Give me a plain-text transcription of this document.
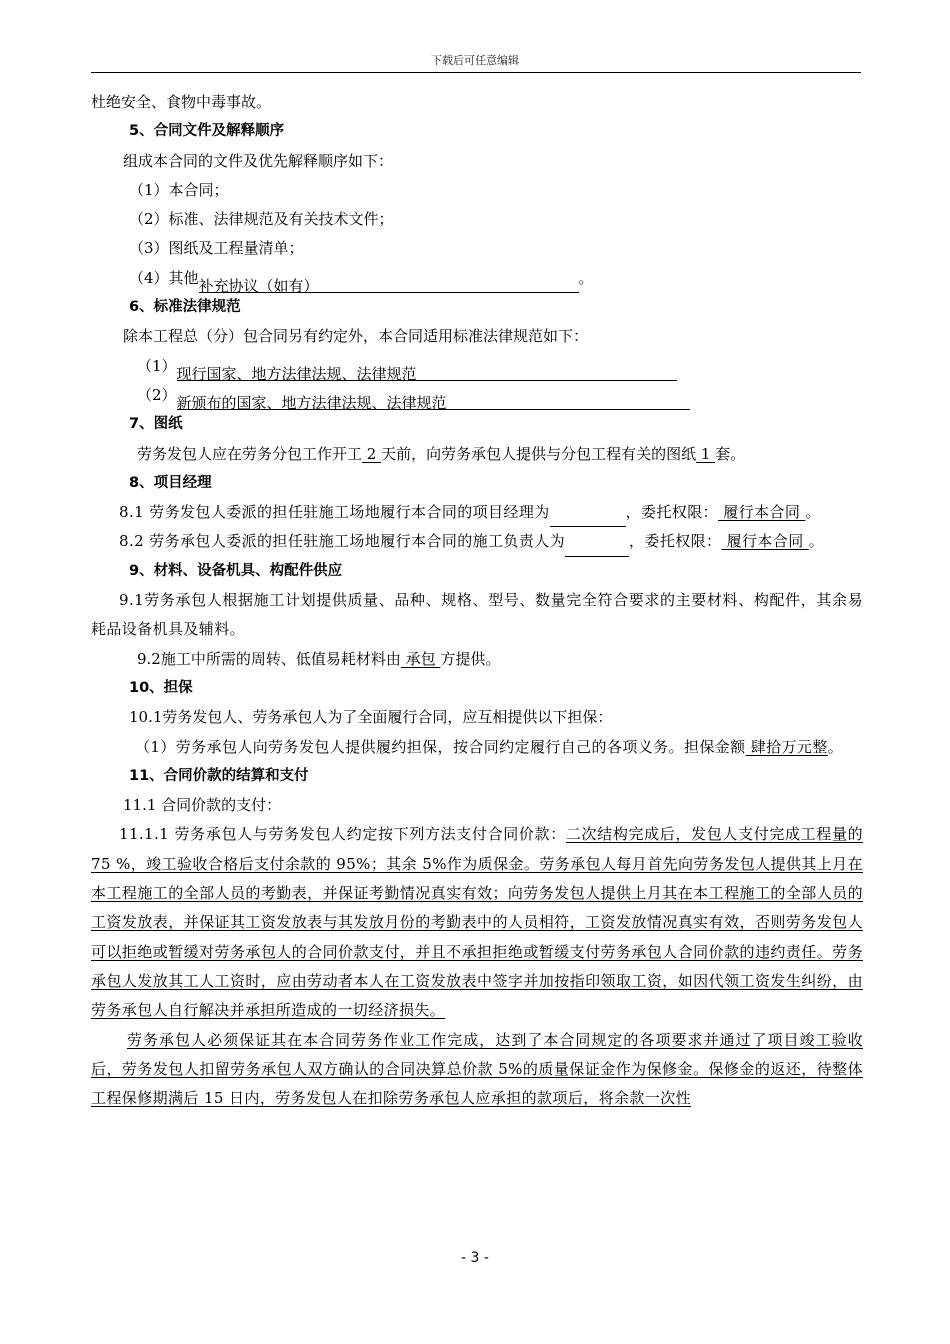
下载后可任意编辑

杜绝安全、食物中毒事故。

5、合同文件及解释顺序

组成本合同的文件及优先解释顺序如下：

（1）本合同；

（2）标准、法律规范及有关技术文件；

（3）图纸及工程量清单；

（4）其他补充协议（如有）	。

6、标准法律规范

除本工程总（分）包合同另有约定外，本合同适用标准法律规范如下：

（1）现行国家、地方法律法规、法律规范

（2）新颁布的国家、地方法律法规、法律规范

7、图纸

劳务发包人应在劳务分包工作开工 2 天前，向劳务承包人提供与分包工程有关的图纸 1 套。

8、项目经理

8.1 劳务发包人委派的担任驻施工场地履行本合同的项目经理为	，委托权限： 履行本合同 。

8.2 劳务承包人委派的担任驻施工场地履行本合同的施工负责人为	，委托权限： 履行本合同 。

9、材料、设备机具、构配件供应

9.1劳务承包人根据施工计划提供质量、品种、规格、型号、数量完全符合要求的主要材料、构配件，其余易耗品设备机具及辅料。

9.2施工中所需的周转、低值易耗材料由 承包 方提供。

10、担保

10.1劳务发包人、劳务承包人为了全面履行合同，应互相提供以下担保：

（1）劳务承包人向劳务发包人提供履约担保，按合同约定履行自己的各项义务。担保金额 肆拾万元整。

11、合同价款的结算和支付

11.1 合同价款的支付：

11.1.1 劳务承包人与劳务发包人约定按下列方法支付合同价款：二次结构完成后，发包人支付完成工程量的 75 %，竣工验收合格后支付余款的 95%；其余 5%作为质保金。劳务承包人每月首先向劳务发包人提供其上月在本工程施工的全部人员的考勤表，并保证考勤情况真实有效；向劳务发包人提供上月其在本工程施工的全部人员的工资发放表，并保证其工资发放表与其发放月份的考勤表中的人员相符，工资发放情况真实有效，否则劳务发包人可以拒绝或暂缓对劳务承包人的合同价款支付，并且不承担拒绝或暂缓支付劳务承包人合同价款的违约责任。劳务承包人发放其工人工资时，应由劳动者本人在工资发放表中签字并加按指印领取工资，如因代领工资发生纠纷，由劳务承包人自行解决并承担所造成的一切经济损失。

劳务承包人必须保证其在本合同劳务作业工作完成，达到了本合同规定的各项要求并通过了项目竣工验收后，劳务发包人扣留劳务承包人双方确认的合同决算总价款 5%的质量保证金作为保修金。保修金的返还，待整体工程保修期满后 15 日内，劳务发包人在扣除劳务承包人应承担的款项后，将余款一次性

- 3 -
